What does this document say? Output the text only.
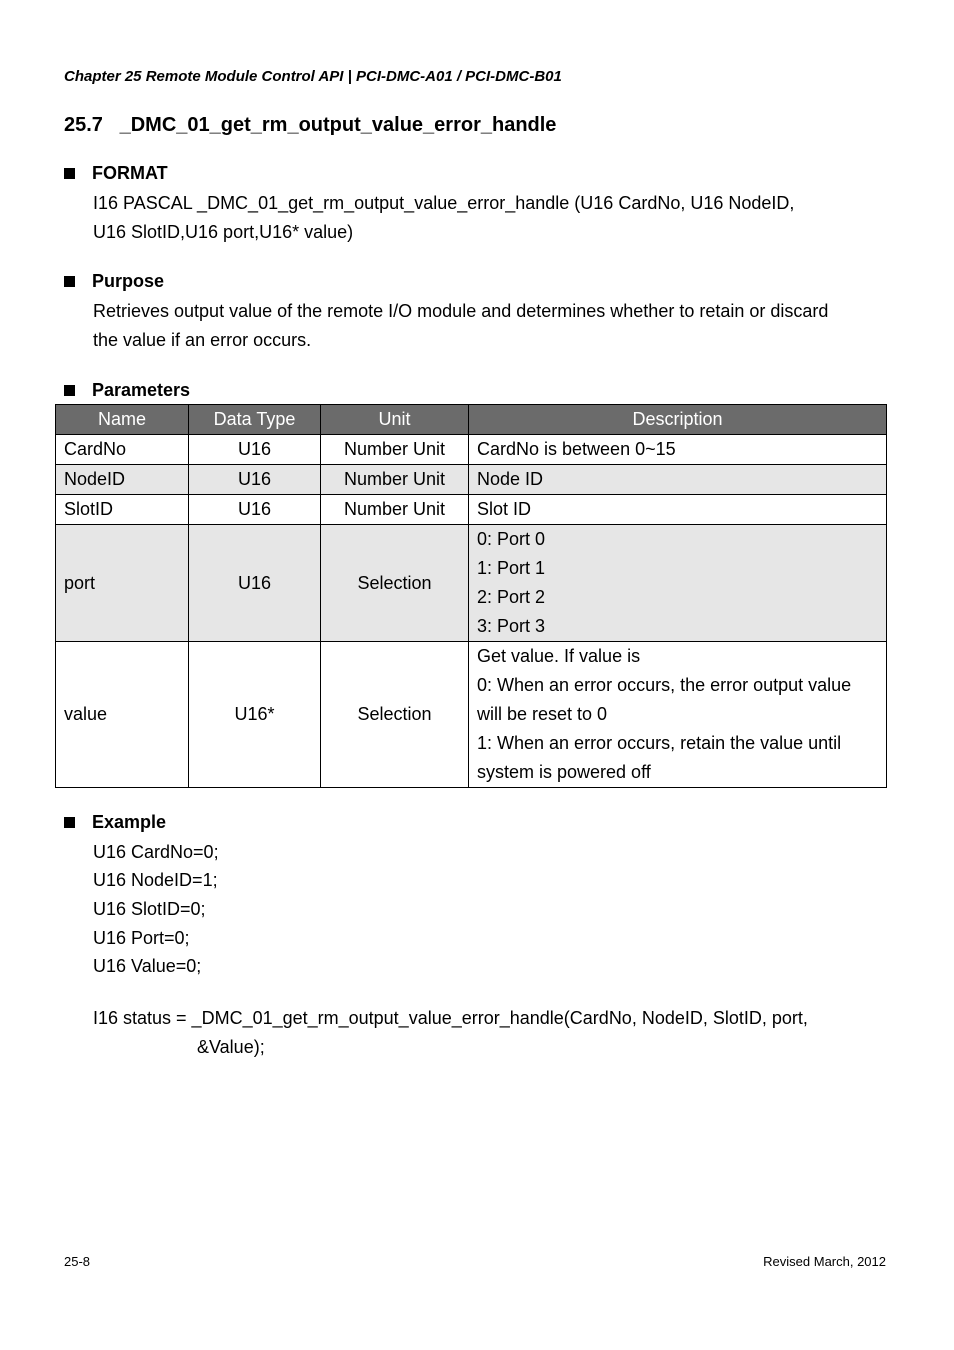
Chapter 25 Remote Module Control API | PCI-DMC-A01 / PCI-DMC-B01
25.7 _DMC_01_get_rm_output_value_error_handle
FORMAT
I16 PASCAL _DMC_01_get_rm_output_value_error_handle (U16 CardNo, U16 NodeID,
U16 SlotID,U16 port,U16* value)
Purpose
Retrieves output value of the remote I/O module and determines whether to retain or discard
the value if an error occurs.
Parameters
Name	Data Type	Unit	Description
CardNo	U16	Number Unit	CardNo is between 0~15
NodeID	U16	Number Unit	Node ID
SlotID	U16	Number Unit	Slot ID
port	U16	Selection	0: Port 0
1: Port 1
2: Port 2
3: Port 3

value	U16*	Selection	Get value. If value is
0: When an error occurs, the error output value
will be reset to 0
1: When an error occurs, retain the value until
system is powered off
Example
U16 CardNo=0;
U16 NodeID=1;
U16 SlotID=0;
U16 Port=0;
U16 Value=0;
I16 status = _DMC_01_get_rm_output_value_error_handle(CardNo, NodeID, SlotID, port,
&Value);
25-8	Revised March, 2012
